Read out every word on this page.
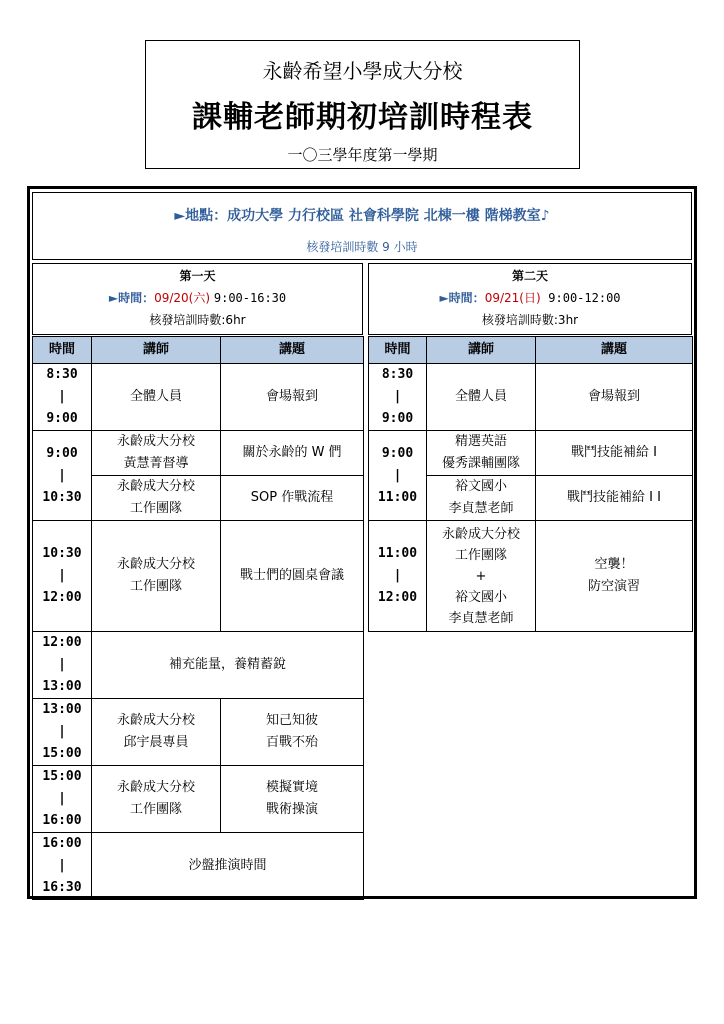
永齡希望小學成大分校
課輔老師期初培訓時程表
一〇三學年度第一學期
►地點：成功大學 力行校區 社會科學院 北棟一樓 階梯教室♪
核發培訓時數 9 小時
第一天
►時間：09/20(六) 9:00-16:30
核發培訓時數:6hr
第二天
►時間：09/21(日) 9:00-12:00
核發培訓時數:3hr
時間	講師	講題

8:30
|
9:00	全體人員	會場報到

9:00
|
10:30	永齡成大分校
黃慧菁督導	關於永齡的 W 們

	永齡成大分校
工作團隊	SOP 作戰流程

10:30
|
12:00	永齡成大分校
工作團隊	戰士們的圓桌會議

12:00
|
13:00	補充能量，養精蓄銳	

13:00
|
15:00	永齡成大分校
邱宇晨專員	知己知彼
百戰不殆

15:00
|
16:00	永齡成大分校
工作團隊	模擬實境
戰術操演

16:00
|
16:30	沙盤推演時間	
時間	講師	講題

8:30
|
9:00	全體人員	會場報到

9:00
|
11:00	精選英語
優秀課輔團隊	戰鬥技能補給 I

	裕文國小
李貞慧老師	戰鬥技能補給 I I

11:00
|
12:00	永齡成大分校
工作團隊
+
裕文國小
李貞慧老師	空襲！
防空演習
